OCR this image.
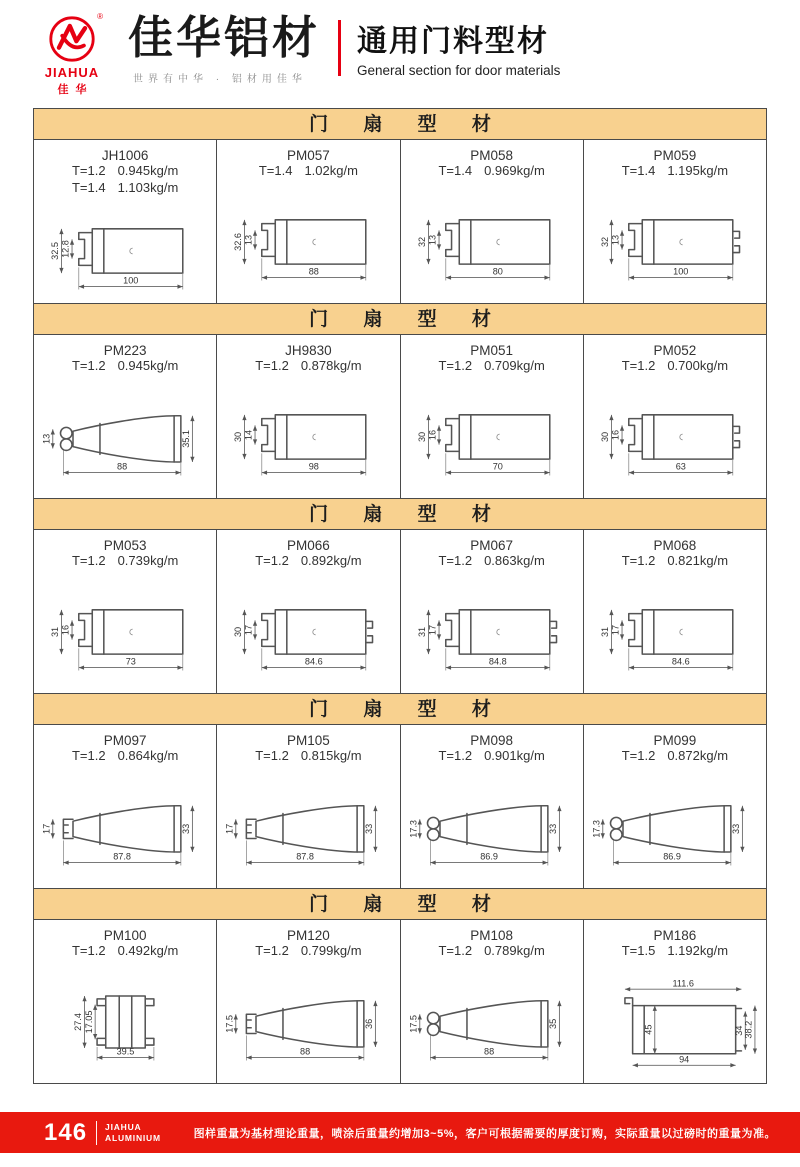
®
JIAHUA
佳华
佳华铝材
世界有中华 · 铝材用佳华
通用门料型材
General section for door materials
门 扇 型 材
JH1006
T=1.2 0.945kg/m
T=1.4 1.103kg/m
32.5 12.8
100
PM057
T=1.4 1.02kg/m
32.6 13
88
PM058
T=1.4 0.969kg/m
32 13
80
PM059
T=1.4 1.195kg/m
32 13
100
门 扇 型 材
PM223
T=1.2 0.945kg/m
13	35.1
88
JH9830
T=1.2 0.878kg/m
30 14
98
PM051
T=1.2 0.709kg/m
30 16
70
PM052
T=1.2 0.700kg/m
30 16
63
门 扇 型 材
PM053
T=1.2 0.739kg/m
31 16
73
PM066
T=1.2 0.892kg/m
30 17
84.6
PM067
T=1.2 0.863kg/m
31 17
84.8
PM068
T=1.2 0.821kg/m
31 17
84.6
门 扇 型 材
PM097
T=1.2 0.864kg/m
17	33
87.8
PM105
T=1.2 0.815kg/m
17	33
87.8
PM098
T=1.2 0.901kg/m
17.3	33
86.9
PM099
T=1.2 0.872kg/m
17.3	33
86.9
门 扇 型 材
PM100
T=1.2 0.492kg/m
27.4 17.05
39.5
PM120
T=1.2 0.799kg/m
17.5	36
88
PM108
T=1.2 0.789kg/m
17.5	35
88
PM186
T=1.5 1.192kg/m
111.6
45	34 38.2
94
146 JIAHUA
ALUMINIUM	图样重量为基材理论重量，喷涂后重量约增加3~5%，客户可根据需要的厚度订购，实际重量以过磅时的重量为准。
